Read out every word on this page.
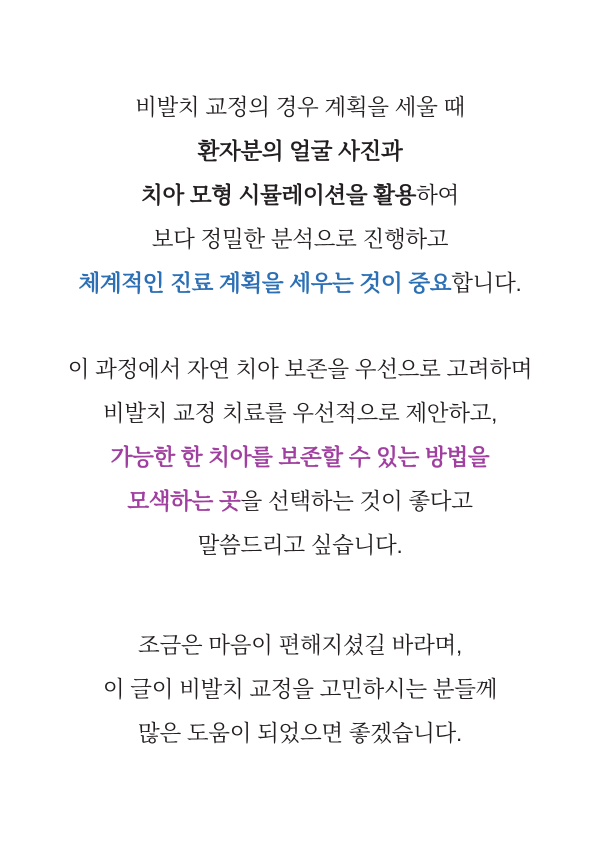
비발치 교정의 경우 계획을 세울 때
환자분의 얼굴 사진과
치아 모형 시뮬레이션을 활용하여
보다 정밀한 분석으로 진행하고
체계적인 진료 계획을 세우는 것이 중요합니다.
이 과정에서 자연 치아 보존을 우선으로 고려하며
비발치 교정 치료를 우선적으로 제안하고,
가능한 한 치아를 보존할 수 있는 방법을
모색하는 곳을 선택하는 것이 좋다고
말씀드리고 싶습니다.
조금은 마음이 편해지셨길 바라며,
이 글이 비발치 교정을 고민하시는 분들께
많은 도움이 되었으면 좋겠습니다.
